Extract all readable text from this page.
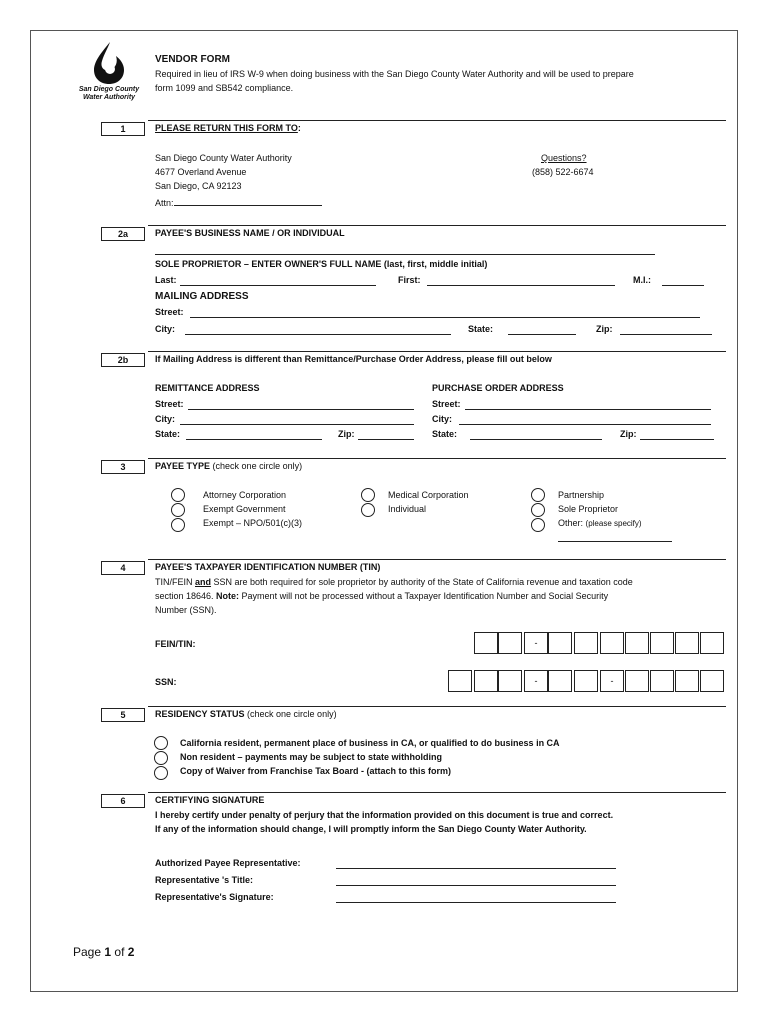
San Diego County
Water Authority
VENDOR FORM
Required in lieu of IRS W-9 when doing business with the San Diego County Water Authority and will be used to prepare
form 1099 and SB542 compliance.
1	PLEASE RETURN THIS FORM TO:
San Diego County Water Authority
4677 Overland Avenue
San Diego, CA 92123
Attn:
Questions?
(858) 522-6674
2a	PAYEE'S BUSINESS NAME / OR INDIVIDUAL
SOLE PROPRIETOR – ENTER OWNER'S FULL NAME (last, first, middle initial)
Last:	First:	M.I.:
MAILING ADDRESS
Street:
City:	State:	Zip:
2b	If Mailing Address is different than Remittance/Purchase Order Address, please fill out below
REMITTANCE ADDRESS
Street:
City:
State:	Zip:
PURCHASE ORDER ADDRESS
Street:
City:
State:	Zip:
3	PAYEE TYPE (check one circle only)
Attorney Corporation
Exempt Government
Exempt – NPO/501(c)(3)
Medical Corporation
Individual
Partnership
Sole Proprietor
Other: (please specify)
4	PAYEE'S TAXPAYER IDENTIFICATION NUMBER (TIN)
TIN/FEIN and SSN are both required for sole proprietor by authority of the State of California revenue and taxation code
section 18646. Note: Payment will not be processed without a Taxpayer Identification Number and Social Security
Number (SSN).
FEIN/TIN:	-
SSN:	-	-
5	RESIDENCY STATUS (check one circle only)
California resident, permanent place of business in CA, or qualified to do business in CA
Non resident – payments may be subject to state withholding
Copy of Waiver from Franchise Tax Board - (attach to this form)
6	CERTIFYING SIGNATURE
I hereby certify under penalty of perjury that the information provided on this document is true and correct.
If any of the information should change, I will promptly inform the San Diego County Water Authority.
Authorized Payee Representative:
Representative 's Title:
Representative's Signature:
Page 1 of 2
